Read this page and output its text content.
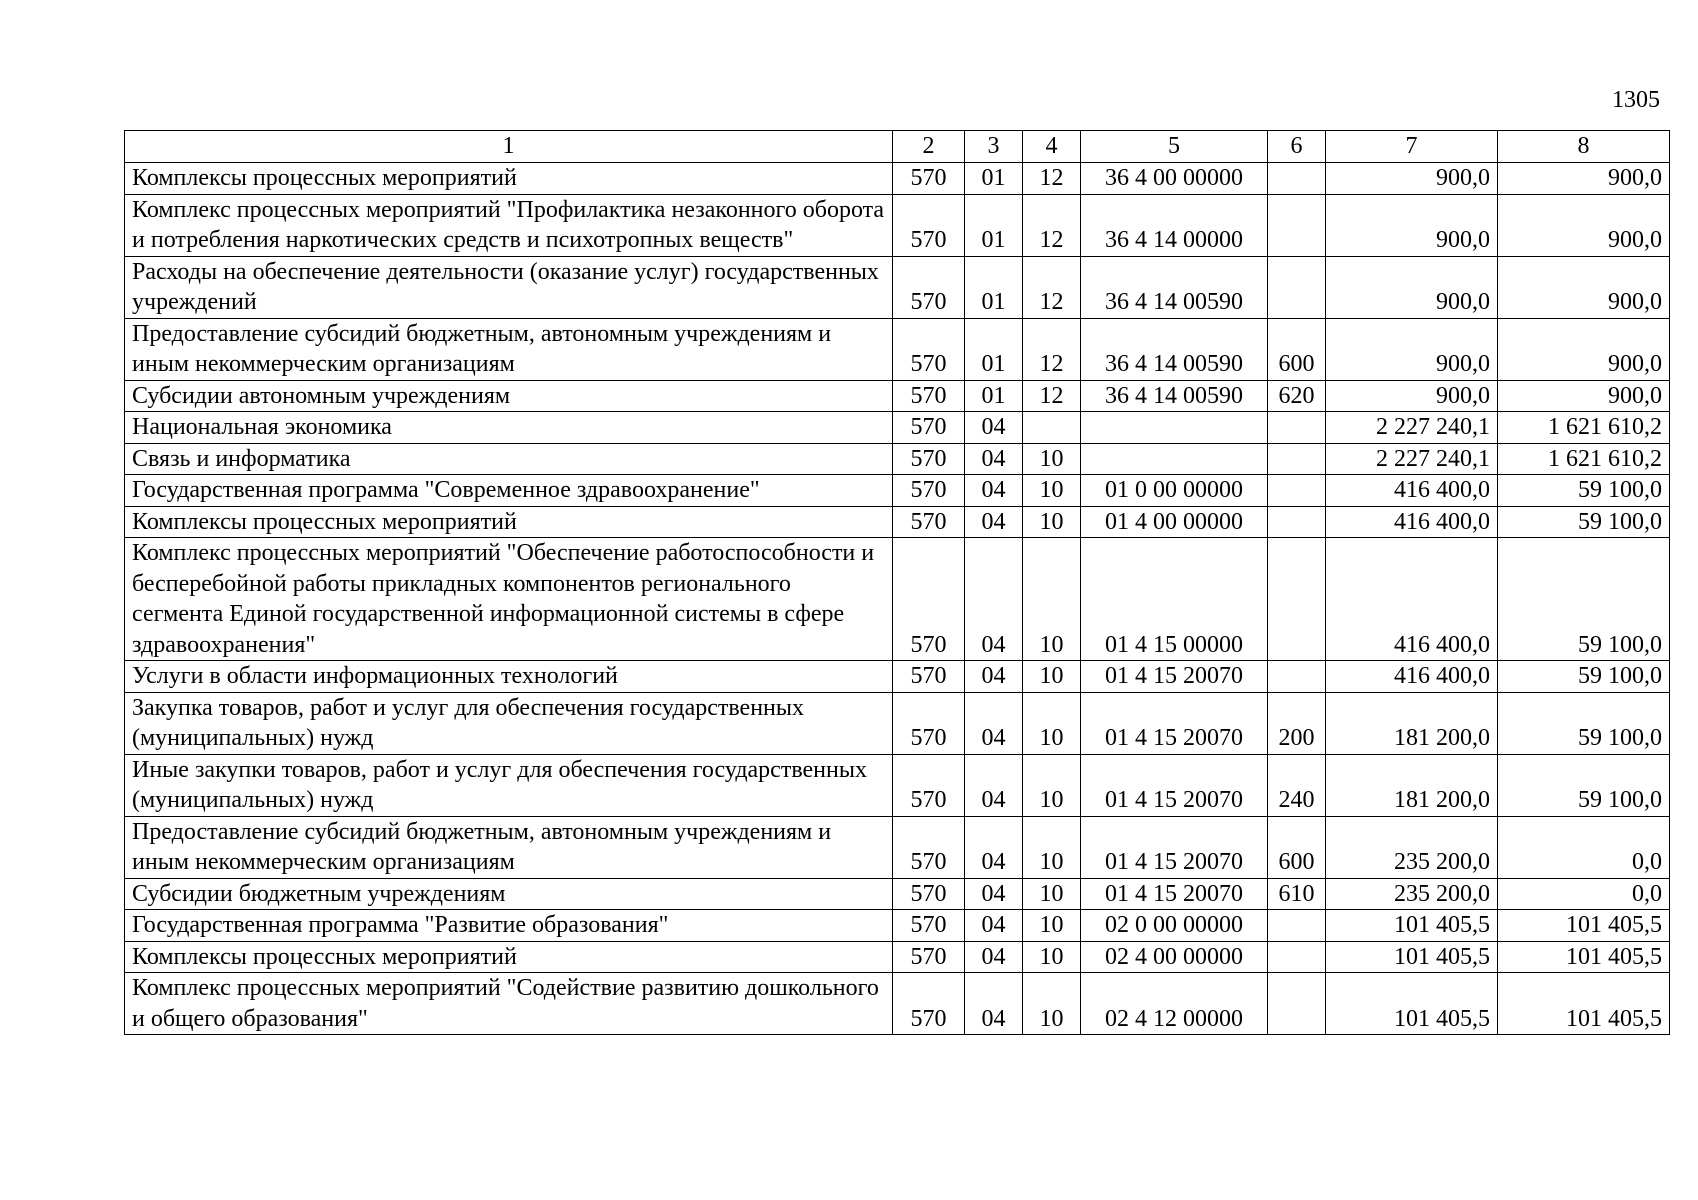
1305
1	2	3	4	5	6	7	8
Комплексы процессных мероприятий	570	01	12	36 4 00 00000		900,0	900,0
Комплекс процессных мероприятий "Профилактика незаконного оборота и потребления наркотических средств и психотропных веществ"	570	01	12	36 4 14 00000		900,0	900,0
Расходы на обеспечение деятельности (оказание услуг) государственных учреждений	570	01	12	36 4 14 00590		900,0	900,0
Предоставление субсидий бюджетным, автономным учреждениям и иным некоммерческим организациям	570	01	12	36 4 14 00590	600	900,0	900,0
Субсидии автономным учреждениям	570	01	12	36 4 14 00590	620	900,0	900,0
Национальная экономика	570	04				2 227 240,1	1 621 610,2
Связь и информатика	570	04	10			2 227 240,1	1 621 610,2
Государственная программа "Современное здравоохранение"	570	04	10	01 0 00 00000		416 400,0	59 100,0
Комплексы процессных мероприятий	570	04	10	01 4 00 00000		416 400,0	59 100,0
Комплекс процессных мероприятий "Обеспечение работоспособности и бесперебойной работы прикладных компонентов регионального сегмента Единой государственной информационной системы в сфере здравоохранения"	570	04	10	01 4 15 00000		416 400,0	59 100,0
Услуги в области информационных технологий	570	04	10	01 4 15 20070		416 400,0	59 100,0
Закупка товаров, работ и услуг для обеспечения государственных (муниципальных) нужд	570	04	10	01 4 15 20070	200	181 200,0	59 100,0
Иные закупки товаров, работ и услуг для обеспечения государственных (муниципальных) нужд	570	04	10	01 4 15 20070	240	181 200,0	59 100,0
Предоставление субсидий бюджетным, автономным учреждениям и иным некоммерческим организациям	570	04	10	01 4 15 20070	600	235 200,0	0,0
Субсидии бюджетным учреждениям	570	04	10	01 4 15 20070	610	235 200,0	0,0
Государственная программа "Развитие образования"	570	04	10	02 0 00 00000		101 405,5	101 405,5
Комплексы процессных мероприятий	570	04	10	02 4 00 00000		101 405,5	101 405,5
Комплекс процессных мероприятий "Содействие развитию дошкольного и общего образования"	570	04	10	02 4 12 00000		101 405,5	101 405,5
